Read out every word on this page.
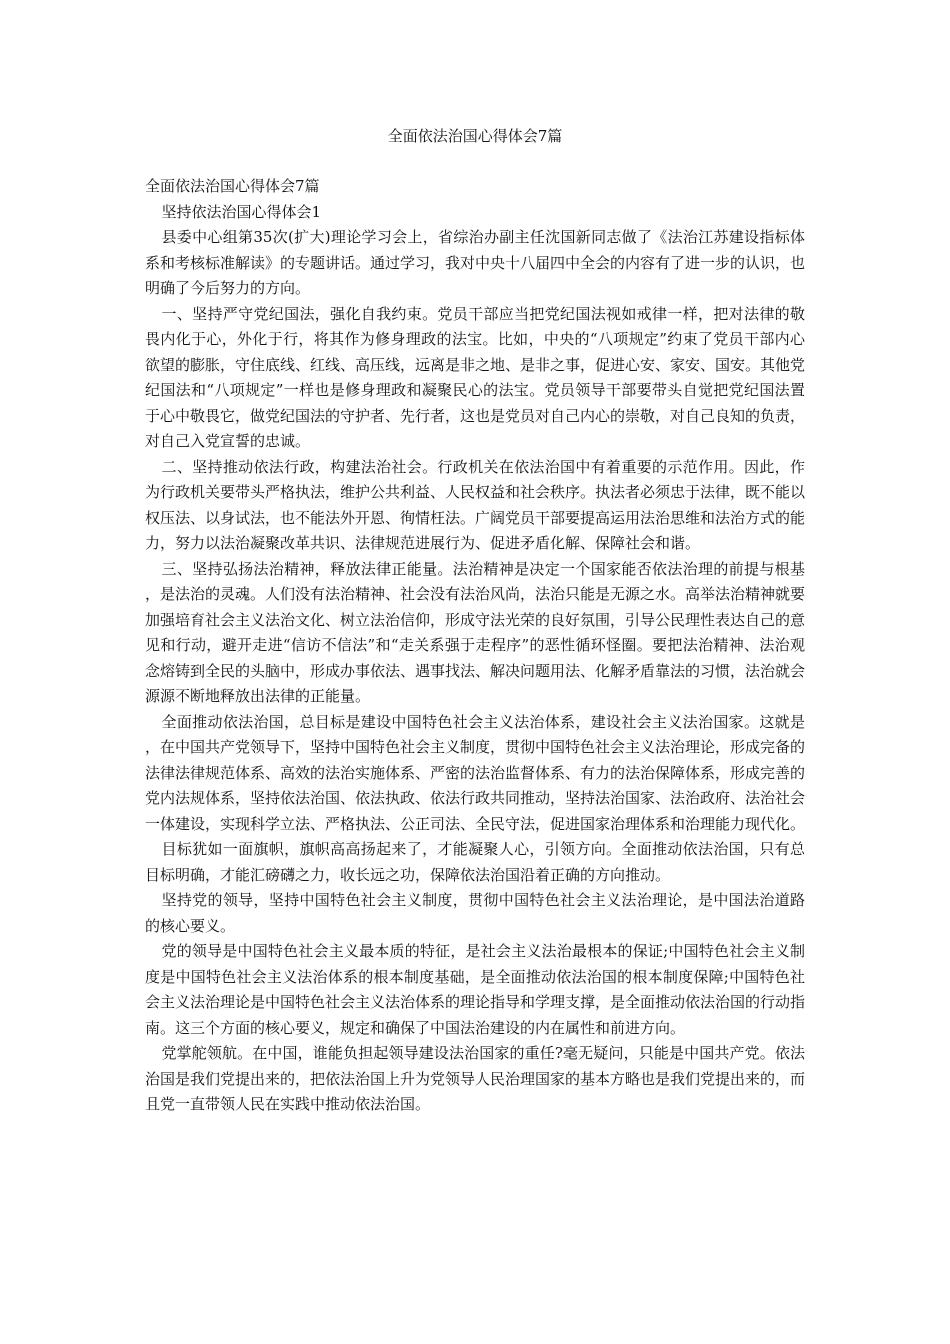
全面依法治国心得体会7篇

全面依法治国心得体会7篇

坚持依法治国心得体会1

县委中心组第35次(扩大)理论学习会上，省综治办副主任沈国新同志做了《法治江苏建设指标体系和考核标准解读》的专题讲话。通过学习，我对中央十八届四中全会的内容有了进一步的认识，也明确了今后努力的方向。

一、坚持严守党纪国法，强化自我约束。党员干部应当把党纪国法视如戒律一样，把对法律的敬畏内化于心，外化于行，将其作为修身理政的法宝。比如，中央的“八项规定”约束了党员干部内心欲望的膨胀，守住底线、红线、高压线，远离是非之地、是非之事，促进心安、家安、国安。其他党纪国法和“八项规定”一样也是修身理政和凝聚民心的法宝。党员领导干部要带头自觉把党纪国法置于心中敬畏它，做党纪国法的守护者、先行者，这也是党员对自己内心的崇敬，对自己良知的负责，对自己入党宣誓的忠诚。

二、坚持推动依法行政，构建法治社会。行政机关在依法治国中有着重要的示范作用。因此，作为行政机关要带头严格执法，维护公共利益、人民权益和社会秩序。执法者必须忠于法律，既不能以权压法、以身试法，也不能法外开恩、徇情枉法。广阔党员干部要提高运用法治思维和法治方式的能力，努力以法治凝聚改革共识、法律规范进展行为、促进矛盾化解、保障社会和谐。

三、坚持弘扬法治精神，释放法律正能量。法治精神是决定一个国家能否依法治理的前提与根基，是法治的灵魂。人们没有法治精神、社会没有法治风尚，法治只能是无源之水。高举法治精神就要加强培育社会主义法治文化、树立法治信仰，形成守法光荣的良好氛围，引导公民理性表达自己的意见和行动，避开走进“信访不信法”和“走关系强于走程序”的恶性循环怪圈。要把法治精神、法治观念熔铸到全民的头脑中，形成办事依法、遇事找法、解决问题用法、化解矛盾靠法的习惯，法治就会源源不断地释放出法律的正能量。

全面推动依法治国，总目标是建设中国特色社会主义法治体系，建设社会主义法治国家。这就是，在中国共产党领导下，坚持中国特色社会主义制度，贯彻中国特色社会主义法治理论，形成完备的法律法律规范体系、高效的法治实施体系、严密的法治监督体系、有力的法治保障体系，形成完善的党内法规体系，坚持依法治国、依法执政、依法行政共同推动，坚持法治国家、法治政府、法治社会一体建设，实现科学立法、严格执法、公正司法、全民守法，促进国家治理体系和治理能力现代化。

目标犹如一面旗帜，旗帜高高扬起来了，才能凝聚人心，引领方向。全面推动依法治国，只有总目标明确，才能汇磅礴之力，收长远之功，保障依法治国沿着正确的方向推动。

坚持党的领导，坚持中国特色社会主义制度，贯彻中国特色社会主义法治理论，是中国法治道路的核心要义。

党的领导是中国特色社会主义最本质的特征，是社会主义法治最根本的保证;中国特色社会主义制度是中国特色社会主义法治体系的根本制度基础，是全面推动依法治国的根本制度保障;中国特色社会主义法治理论是中国特色社会主义法治体系的理论指导和学理支撑，是全面推动依法治国的行动指南。这三个方面的核心要义，规定和确保了中国法治建设的内在属性和前进方向。

党掌舵领航。在中国，谁能负担起领导建设法治国家的重任?毫无疑问，只能是中国共产党。依法治国是我们党提出来的，把依法治国上升为党领导人民治理国家的基本方略也是我们党提出来的，而且党一直带领人民在实践中推动依法治国。
